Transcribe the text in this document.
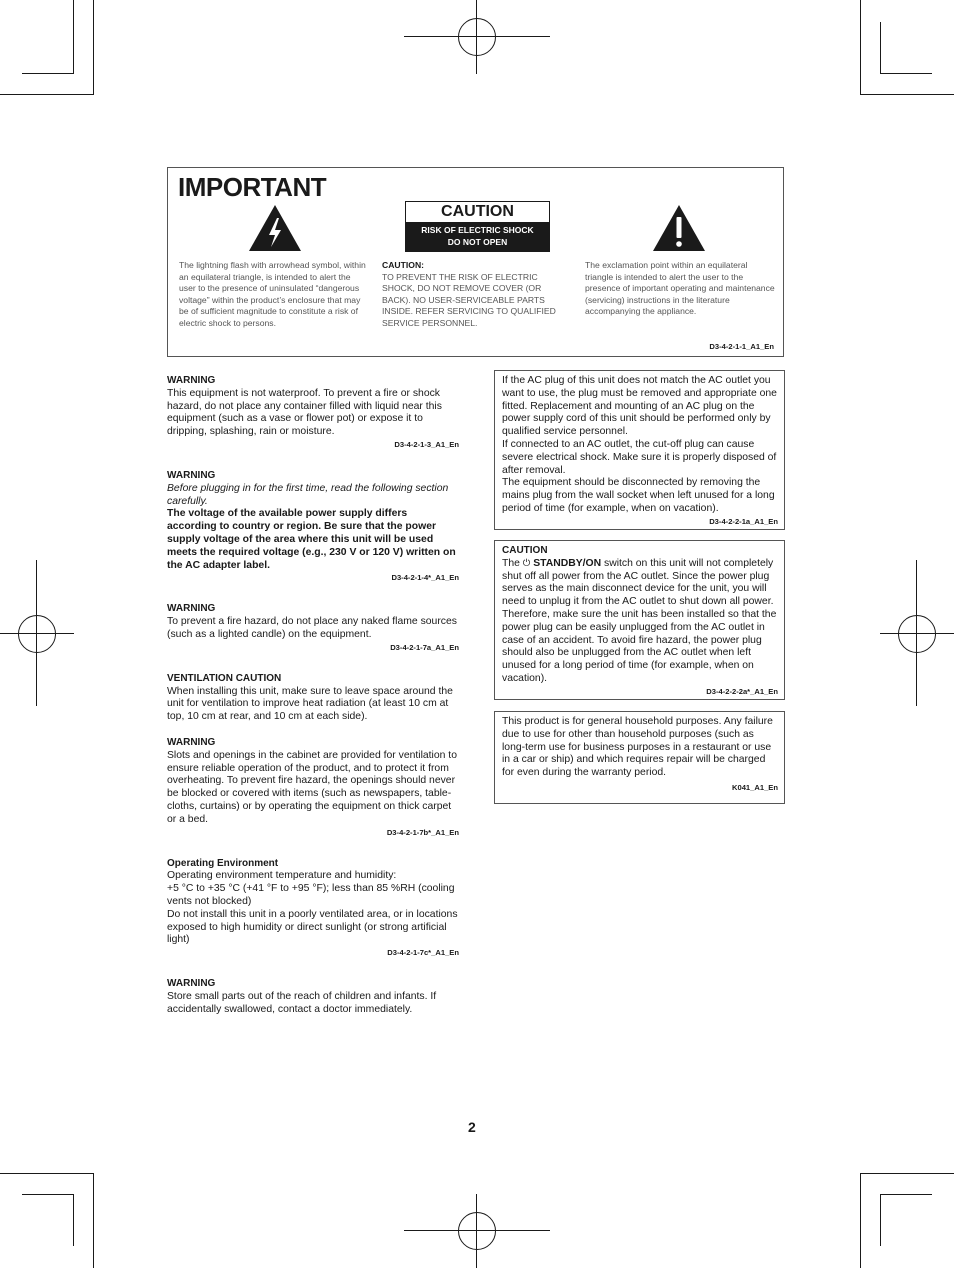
IMPORTANT
The lightning flash with arrowhead symbol, within an equilateral triangle, is intended to alert the user to the presence of uninsulated “dangerous voltage” within the product’s enclosure that may be of sufficient magnitude to constitute a risk of electric shock to persons.
CAUTION
RISK OF ELECTRIC SHOCK
DO NOT OPEN
CAUTION:
TO PREVENT THE RISK OF ELECTRIC SHOCK, DO NOT REMOVE COVER (OR BACK). NO USER-SERVICEABLE PARTS INSIDE. REFER SERVICING TO QUALIFIED SERVICE PERSONNEL.
The exclamation point within an equilateral triangle is intended to alert the user to the presence of important operating and maintenance (servicing) instructions in the literature accompanying the appliance.
D3-4-2-1-1_A1_En
WARNING
This equipment is not waterproof. To prevent a fire or shock hazard, do not place any container filled with liquid near this equipment (such as a vase or flower pot) or expose it to dripping, splashing, rain or moisture.
D3-4-2-1-3_A1_En
WARNING
Before plugging in for the first time, read the following section carefully.
The voltage of the available power supply differs according to country or region. Be sure that the power supply voltage of the area where this unit will be used meets the required voltage (e.g., 230 V or 120 V) written on the AC adapter label.
D3-4-2-1-4*_A1_En
WARNING
To prevent a fire hazard, do not place any naked flame sources (such as a lighted candle) on the equipment.
D3-4-2-1-7a_A1_En
VENTILATION CAUTION
When installing this unit, make sure to leave space around the unit for ventilation to improve heat radiation (at least 10 cm at top, 10 cm at rear, and 10 cm at each side).
WARNING
Slots and openings in the cabinet are provided for ventilation to ensure reliable operation of the product, and to protect it from overheating. To prevent fire hazard, the openings should never be blocked or covered with items (such as newspapers, table-cloths, curtains) or by operating the equipment on thick carpet or a bed.
D3-4-2-1-7b*_A1_En
Operating Environment
Operating environment temperature and humidity:
+5 °C to +35 °C (+41 °F to +95 °F); less than 85 %RH (cooling vents not blocked)
Do not install this unit in a poorly ventilated area, or in locations exposed to high humidity or direct sunlight (or strong artificial light)
D3-4-2-1-7c*_A1_En
WARNING
Store small parts out of the reach of children and infants. If accidentally swallowed, contact a doctor immediately.
If the AC plug of this unit does not match the AC outlet you want to use, the plug must be removed and appropriate one fitted. Replacement and mounting of an AC plug on the power supply cord of this unit should be performed only by qualified service personnel.
If connected to an AC outlet, the cut-off plug can cause severe electrical shock. Make sure it is properly disposed of after removal.
The equipment should be disconnected by removing the mains plug from the wall socket when left unused for a long period of time (for example, when on vacation).
D3-4-2-2-1a_A1_En
CAUTION
The ⏻ STANDBY/ON switch on this unit will not completely shut off all power from the AC outlet. Since the power plug serves as the main disconnect device for the unit, you will need to unplug it from the AC outlet to shut down all power. Therefore, make sure the unit has been installed so that the power plug can be easily unplugged from the AC outlet in case of an accident. To avoid fire hazard, the power plug should also be unplugged from the AC outlet when left unused for a long period of time (for example, when on vacation).
D3-4-2-2-2a*_A1_En
This product is for general household purposes. Any failure due to use for other than household purposes (such as long-term use for business purposes in a restaurant or use in a car or ship) and which requires repair will be charged for even during the warranty period.
K041_A1_En
2
